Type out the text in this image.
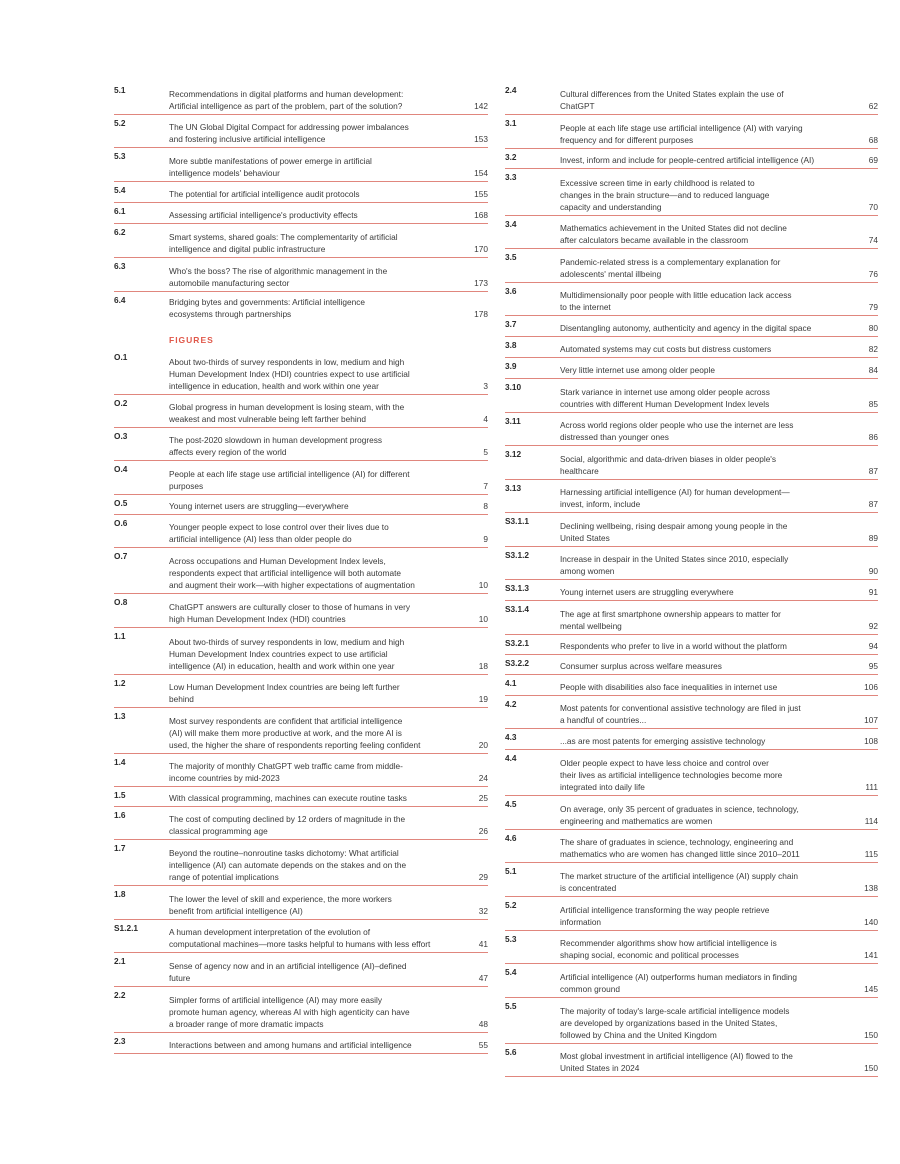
5.1	Recommendations in digital platforms and human development:
Artificial intelligence as part of the problem, part of the solution?	142
5.2	The UN Global Digital Compact for addressing power imbalances
and fostering inclusive artificial intelligence	153
5.3	More subtle manifestations of power emerge in artificial
intelligence models' behaviour	154
5.4	The potential for artificial intelligence audit protocols	155
6.1	Assessing artificial intelligence's productivity effects	168
6.2	Smart systems, shared goals: The complementarity of artificial
intelligence and digital public infrastructure	170
6.3	Who's the boss? The rise of algorithmic management in the
automobile manufacturing sector	173
6.4	Bridging bytes and governments: Artificial intelligence
ecosystems through partnerships	178
FIGURES
O.1	About two-thirds of survey respondents in low, medium and high
Human Development Index (HDI) countries expect to use artificial
intelligence in education, health and work within one year	3
O.2	Global progress in human development is losing steam, with the
weakest and most vulnerable being left farther behind	4
O.3	The post-2020 slowdown in human development progress
affects every region of the world	5
O.4	People at each life stage use artificial intelligence (AI) for different
purposes	7
O.5	Young internet users are struggling—everywhere	8
O.6	Younger people expect to lose control over their lives due to
artificial intelligence (AI) less than older people do	9
O.7	Across occupations and Human Development Index levels,
respondents expect that artificial intelligence will both automate
and augment their work—with higher expectations of augmentation	10
O.8	ChatGPT answers are culturally closer to those of humans in very
high Human Development Index (HDI) countries	10
1.1
About two-thirds of survey respondents in low, medium and high
Human Development Index countries expect to use artificial
intelligence (AI) in education, health and work within one year	18
1.2	Low Human Development Index countries are being left further
behind	19
1.3	Most survey respondents are confident that artificial intelligence
(AI) will make them more productive at work, and the more AI is
used, the higher the share of respondents reporting feeling confident	20
1.4	The majority of monthly ChatGPT web traffic came from middle-
income countries by mid-2023	24
1.5	With classical programming, machines can execute routine tasks	25
1.6	The cost of computing declined by 12 orders of magnitude in the
classical programming age	26
1.7	Beyond the routine–nonroutine tasks dichotomy: What artificial
intelligence (AI) can automate depends on the stakes and on the
range of potential implications	29
1.8	The lower the level of skill and experience, the more workers
benefit from artificial intelligence (AI)	32
S1.2.1	A human development interpretation of the evolution of
computational machines—more tasks helpful to humans with less effort	41
2.1	Sense of agency now and in an artificial intelligence (AI)–defined
future	47
2.2	Simpler forms of artificial intelligence (AI) may more easily
promote human agency, whereas AI with high agenticity can have
a broader range of more dramatic impacts	48
2.3	Interactions between and among humans and artificial intelligence	55
2.4	Cultural differences from the United States explain the use of
ChatGPT	62
3.1	People at each life stage use artificial intelligence (AI) with varying
frequency and for different purposes	68
3.2	Invest, inform and include for people-centred artificial intelligence (AI)	69
3.3
Excessive screen time in early childhood is related to
changes in the brain structure—and to reduced language
capacity and understanding	70
3.4	Mathematics achievement in the United States did not decline
after calculators became available in the classroom	74
3.5	Pandemic-related stress is a complementary explanation for
adolescents' mental illbeing	76
3.6	Multidimensionally poor people with little education lack access
to the internet	79
3.7	Disentangling autonomy, authenticity and agency in the digital space	80
3.8	Automated systems may cut costs but distress customers	82
3.9	Very little internet use among older people	84
3.10	Stark variance in internet use among older people across
countries with different Human Development Index levels	85
3.11	Across world regions older people who use the internet are less
distressed than younger ones	86
3.12	Social, algorithmic and data-driven biases in older people's
healthcare	87
3.13	Harnessing artificial intelligence (AI) for human development—
invest, inform, include	87
S3.1.1	Declining wellbeing, rising despair among young people in the
United States	89
S3.1.2	Increase in despair in the United States since 2010, especially
among women	90
S3.1.3	Young internet users are struggling everywhere	91
S3.1.4	The age at first smartphone ownership appears to matter for
mental wellbeing	92
S3.2.1	Respondents who prefer to live in a world without the platform	94
S3.2.2	Consumer surplus across welfare measures	95
4.1	People with disabilities also face inequalities in internet use	106
4.2	Most patents for conventional assistive technology are filed in just
a handful of countries...	107
4.3	...as are most patents for emerging assistive technology	108
4.4	Older people expect to have less choice and control over
their lives as artificial intelligence technologies become more
integrated into daily life	111
4.5	On average, only 35 percent of graduates in science, technology,
engineering and mathematics are women	114
4.6	The share of graduates in science, technology, engineering and
mathematics who are women has changed little since 2010–2011	115
5.1	The market structure of the artificial intelligence (AI) supply chain
is concentrated	138
5.2	Artificial intelligence transforming the way people retrieve
information	140
5.3	Recommender algorithms show how artificial intelligence is
shaping social, economic and political processes	141
5.4	Artificial intelligence (AI) outperforms human mediators in finding
common ground	145
5.5	The majority of today's large-scale artificial intelligence models
are developed by organizations based in the United States,
followed by China and the United Kingdom	150
5.6	Most global investment in artificial intelligence (AI) flowed to the
United States in 2024	150
